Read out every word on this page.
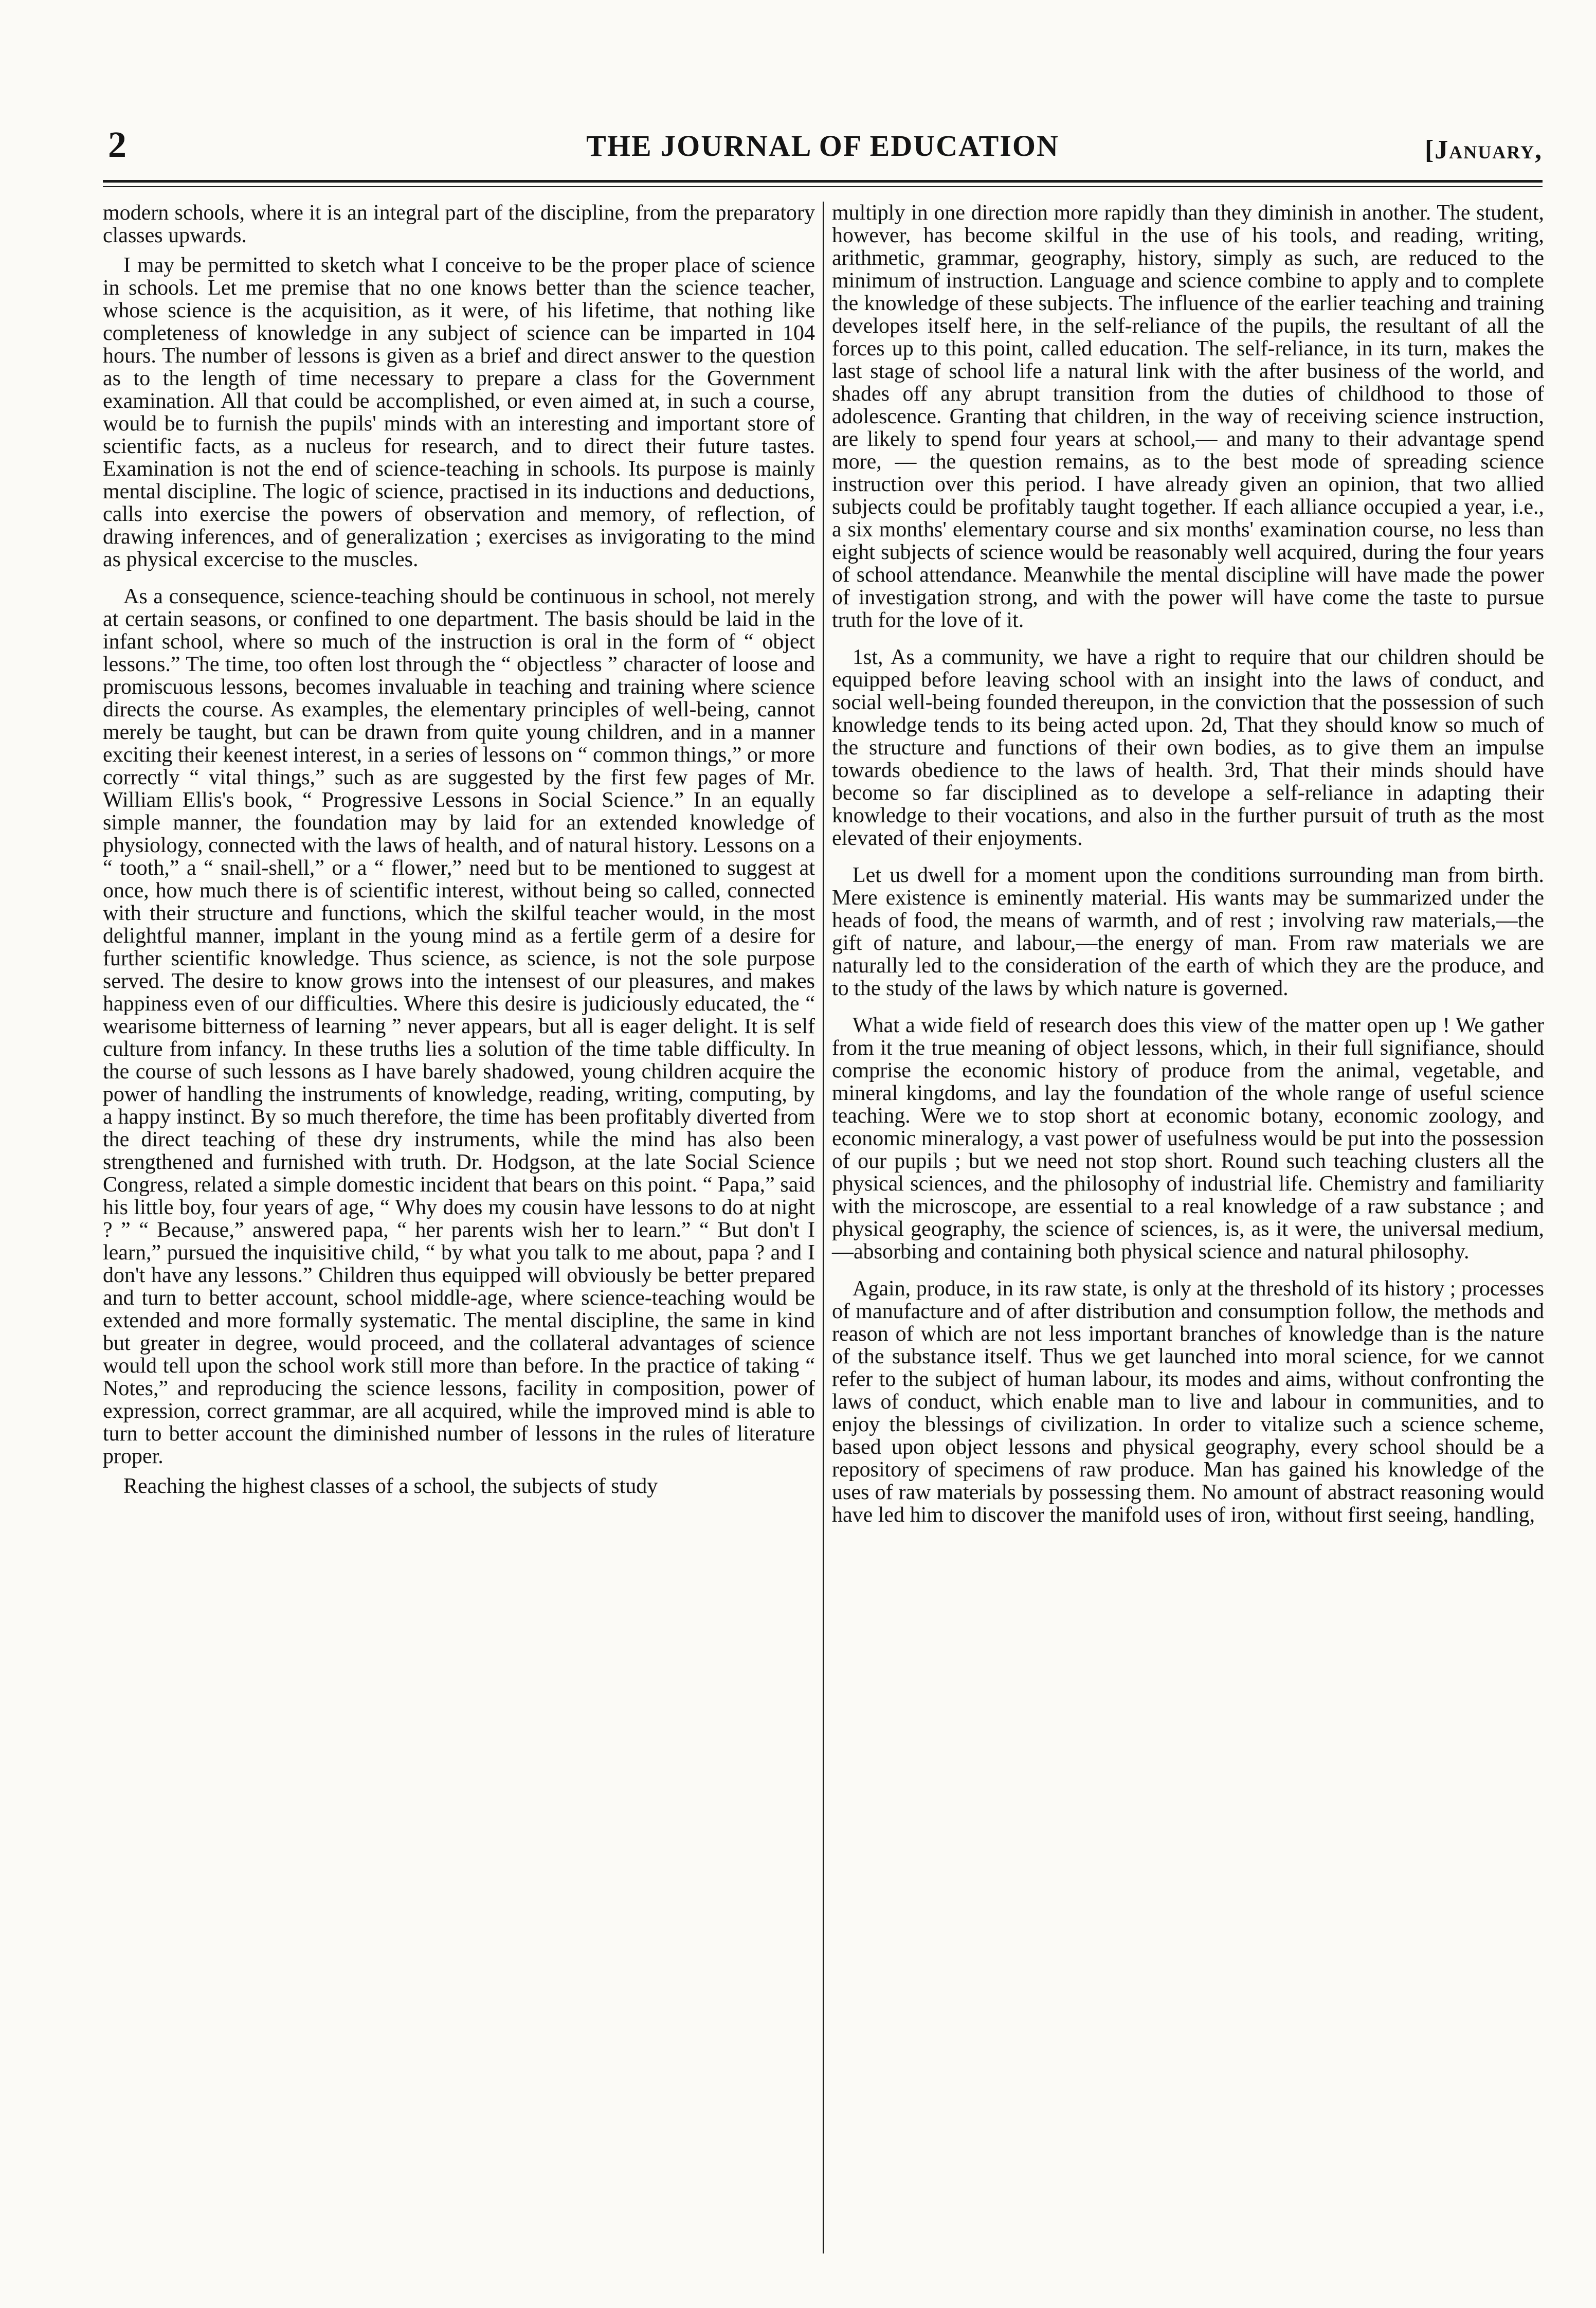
2	THE JOURNAL OF EDUCATION	[January,

modern schools, where it is an integral part of the discipline, from the preparatory classes upwards.

I may be permitted to sketch what I conceive to be the proper place of science in schools. Let me premise that no one knows better than the science teacher, whose science is the acquisition, as it were, of his lifetime, that nothing like completeness of knowledge in any subject of science can be imparted in 104 hours. The number of lessons is given as a brief and direct answer to the question as to the length of time necessary to prepare a class for the Government examination. All that could be accomplished, or even aimed at, in such a course, would be to furnish the pupils' minds with an interesting and important store of scientific facts, as a nucleus for research, and to direct their future tastes. Examination is not the end of science-teaching in schools. Its purpose is mainly mental discipline. The logic of science, practised in its inductions and deductions, calls into exercise the powers of observation and memory, of reflection, of drawing inferences, and of generalization ; exercises as invigorating to the mind as physical excercise to the muscles.

As a consequence, science-teaching should be continuous in school, not merely at certain seasons, or confined to one department. The basis should be laid in the infant school, where so much of the instruction is oral in the form of “ object lessons.” The time, too often lost through the “ objectless ” character of loose and promiscuous lessons, becomes invaluable in teaching and training where science directs the course. As examples, the elementary principles of well-being, cannot merely be taught, but can be drawn from quite young children, and in a manner exciting their keenest interest, in a series of lessons on “ common things,” or more correctly “ vital things,” such as are suggested by the first few pages of Mr. William Ellis's book, “ Progressive Lessons in Social Science.” In an equally simple manner, the foundation may by laid for an extended knowledge of physiology, connected with the laws of health, and of natural history. Lessons on a “ tooth,” a “ snail-shell,” or a “ flower,” need but to be mentioned to suggest at once, how much there is of scientific interest, without being so called, connected with their structure and functions, which the skilful teacher would, in the most delightful manner, implant in the young mind as a fertile germ of a desire for further scientific knowledge. Thus science, as science, is not the sole purpose served. The desire to know grows into the intensest of our pleasures, and makes happiness even of our difficulties. Where this desire is judiciously educated, the “ wearisome bitterness of learning ” never appears, but all is eager delight. It is self culture from infancy. In these truths lies a solution of the time table difficulty. In the course of such lessons as I have barely shadowed, young children acquire the power of handling the instruments of knowledge, reading, writing, computing, by a happy instinct. By so much therefore, the time has been profitably diverted from the direct teaching of these dry instruments, while the mind has also been strengthened and furnished with truth. Dr. Hodgson, at the late Social Science Congress, related a simple domestic incident that bears on this point. “ Papa,” said his little boy, four years of age, “ Why does my cousin have lessons to do at night ? ” “ Because,” answered papa, “ her parents wish her to learn.” “ But don't I learn,” pursued the inquisitive child, “ by what you talk to me about, papa ? and I don't have any lessons.” Children thus equipped will obviously be better prepared and turn to better account, school middle-age, where science-teaching would be extended and more formally systematic. The mental discipline, the same in kind but greater in degree, would proceed, and the collateral advantages of science would tell upon the school work still more than before. In the practice of taking “ Notes,” and reproducing the science lessons, facility in composition, power of expression, correct grammar, are all acquired, while the improved mind is able to turn to better account the diminished number of lessons in the rules of literature proper.

Reaching the highest classes of a school, the subjects of study

multiply in one direction more rapidly than they diminish in another. The student, however, has become skilful in the use of his tools, and reading, writing, arithmetic, grammar, geography, history, simply as such, are reduced to the minimum of instruction. Language and science combine to apply and to complete the knowledge of these subjects. The influence of the earlier teaching and training developes itself here, in the self-reliance of the pupils, the resultant of all the forces up to this point, called education. The self-reliance, in its turn, makes the last stage of school life a natural link with the after business of the world, and shades off any abrupt transition from the duties of childhood to those of adolescence. Granting that children, in the way of receiving science instruction, are likely to spend four years at school,— and many to their advantage spend more, — the question remains, as to the best mode of spreading science instruction over this period. I have already given an opinion, that two allied subjects could be profitably taught together. If each alliance occupied a year, i.e., a six months' elementary course and six months' examination course, no less than eight subjects of science would be reasonably well acquired, during the four years of school attendance. Meanwhile the mental discipline will have made the power of investigation strong, and with the power will have come the taste to pursue truth for the love of it.

1st, As a community, we have a right to require that our children should be equipped before leaving school with an insight into the laws of conduct, and social well-being founded thereupon, in the conviction that the possession of such knowledge tends to its being acted upon. 2d, That they should know so much of the structure and functions of their own bodies, as to give them an impulse towards obedience to the laws of health. 3rd, That their minds should have become so far disciplined as to develope a self-reliance in adapting their knowledge to their vocations, and also in the further pursuit of truth as the most elevated of their enjoyments.

Let us dwell for a moment upon the conditions surrounding man from birth. Mere existence is eminently material. His wants may be summarized under the heads of food, the means of warmth, and of rest ; involving raw materials,—the gift of nature, and labour,—the energy of man. From raw materials we are naturally led to the consideration of the earth of which they are the produce, and to the study of the laws by which nature is governed.

What a wide field of research does this view of the matter open up ! We gather from it the true meaning of object lessons, which, in their full signifiance, should comprise the economic history of produce from the animal, vegetable, and mineral kingdoms, and lay the foundation of the whole range of useful science teaching. Were we to stop short at economic botany, economic zoology, and economic mineralogy, a vast power of usefulness would be put into the possession of our pupils ; but we need not stop short. Round such teaching clusters all the physical sciences, and the philosophy of industrial life. Chemistry and familiarity with the microscope, are essential to a real knowledge of a raw substance ; and physical geography, the science of sciences, is, as it were, the universal medium,—absorbing and containing both physical science and natural philosophy.

Again, produce, in its raw state, is only at the threshold of its history ; processes of manufacture and of after distribution and consumption follow, the methods and reason of which are not less important branches of knowledge than is the nature of the substance itself. Thus we get launched into moral science, for we cannot refer to the subject of human labour, its modes and aims, without confronting the laws of conduct, which enable man to live and labour in communities, and to enjoy the blessings of civilization. In order to vitalize such a science scheme, based upon object lessons and physical geography, every school should be a repository of specimens of raw produce. Man has gained his knowledge of the uses of raw materials by possessing them. No amount of abstract reasoning would have led him to discover the manifold uses of iron, without first seeing, handling,
